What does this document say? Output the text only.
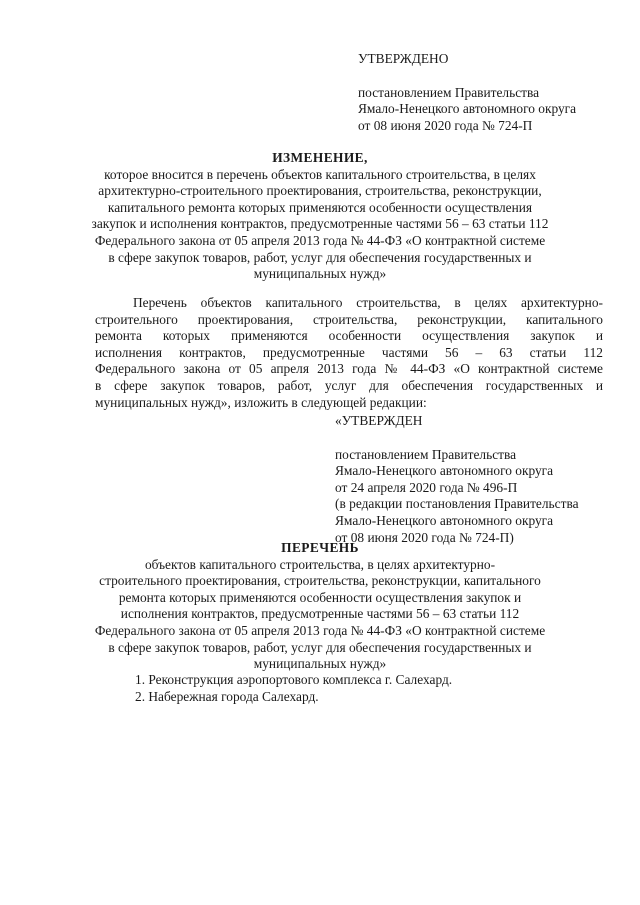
УТВЕРЖДЕНО
постановлением Правительства
Ямало-Ненецкого автономного округа
от 08 июня 2020 года № 724-П
ИЗМЕНЕНИЕ,
которое вносится в перечень объектов капитального строительства, в целях
архитектурно-строительного проектирования, строительства, реконструкции,
капитального ремонта которых применяются особенности осуществления
закупок и исполнения контрактов, предусмотренные частями 56 – 63 статьи 112
Федерального закона от 05 апреля 2013 года № 44-ФЗ «О контрактной системе
в сфере закупок товаров, работ, услуг для обеспечения государственных и
муниципальных нужд»
Перечень объектов капитального строительства, в целях архитектурно-
строительного проектирования, строительства, реконструкции, капитального
ремонта которых применяются особенности осуществления закупок и
исполнения контрактов, предусмотренные частями 56 – 63 статьи 112
Федерального закона от 05 апреля 2013 года № 44-ФЗ «О контрактной системе
в сфере закупок товаров, работ, услуг для обеспечения государственных и
муниципальных нужд», изложить в следующей редакции:
«УТВЕРЖДЕН
постановлением Правительства
Ямало-Ненецкого автономного округа
от 24 апреля 2020 года № 496-П
(в редакции постановления Правительства
Ямало-Ненецкого автономного округа
от 08 июня 2020 года № 724-П)
ПЕРЕЧЕНЬ
объектов капитального строительства, в целях архитектурно-
строительного проектирования, строительства, реконструкции, капитального
ремонта которых применяются особенности осуществления закупок и
исполнения контрактов, предусмотренные частями 56 – 63 статьи 112
Федерального закона от 05 апреля 2013 года № 44-ФЗ «О контрактной системе
в сфере закупок товаров, работ, услуг для обеспечения государственных и
муниципальных нужд»
1. Реконструкция аэропортового комплекса г. Салехард.
2. Набережная города Салехард.
